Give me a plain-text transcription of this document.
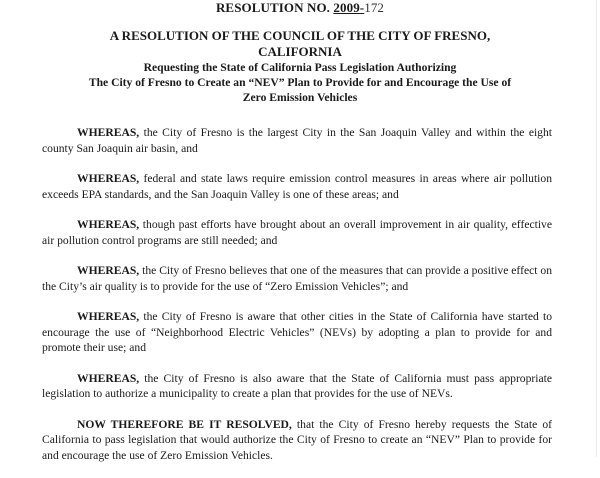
RESOLUTION NO. 2009-172
A RESOLUTION OF THE COUNCIL OF THE CITY OF FRESNO,
CALIFORNIA
Requesting the State of California Pass Legislation Authorizing
The City of Fresno to Create an “NEV” Plan to Provide for and Encourage the Use of
Zero Emission Vehicles

WHEREAS, the City of Fresno is the largest City in the San Joaquin Valley and within the eight county San Joaquin air basin, and

WHEREAS, federal and state laws require emission control measures in areas where air pollution exceeds EPA standards, and the San Joaquin Valley is one of these areas; and

WHEREAS, though past efforts have brought about an overall improvement in air quality, effective air pollution control programs are still needed; and

WHEREAS, the City of Fresno believes that one of the measures that can provide a positive effect on the City’s air quality is to provide for the use of “Zero Emission Vehicles”; and

WHEREAS, the City of Fresno is aware that other cities in the State of California have started to encourage the use of “Neighborhood Electric Vehicles” (NEVs) by adopting a plan to provide for and promote their use; and

WHEREAS, the City of Fresno is also aware that the State of California must pass appropriate legislation to authorize a municipality to create a plan that provides for the use of NEVs.

NOW THEREFORE BE IT RESOLVED, that the City of Fresno hereby requests the State of California to pass legislation that would authorize the City of Fresno to create an “NEV” Plan to provide for and encourage the use of Zero Emission Vehicles.
